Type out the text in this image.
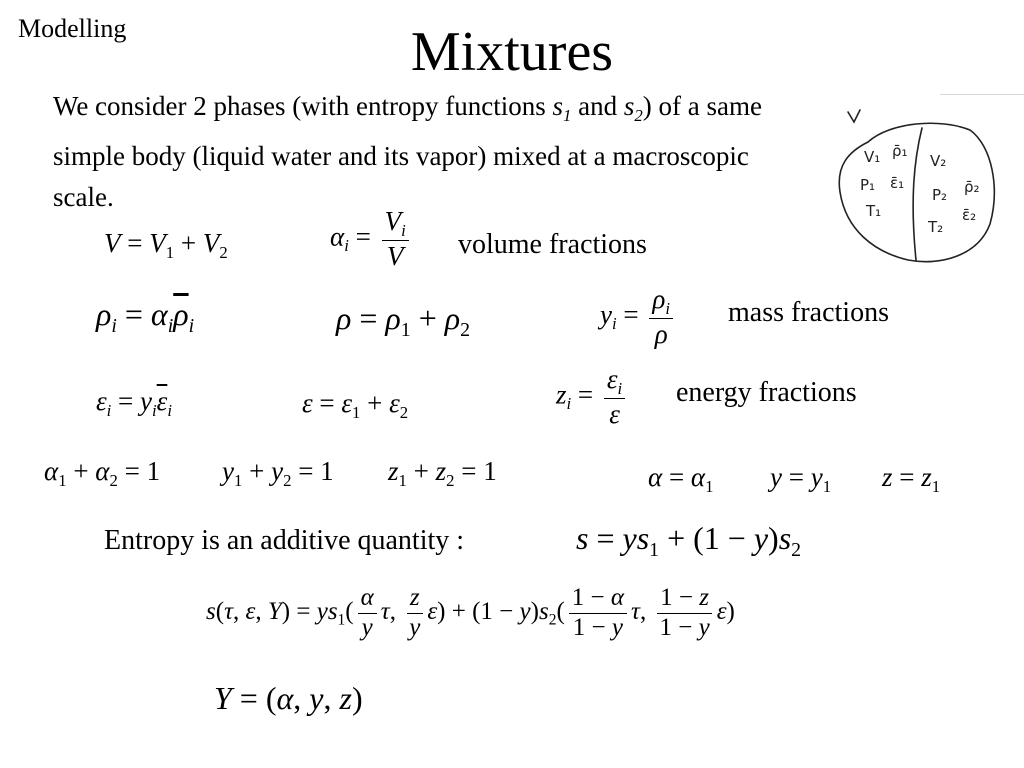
Modelling	Mixtures
We consider 2 phases (with entropy functions $s_1$ and $s_2$) of a same simple body (liquid water and its vapor) mixed at a macroscopic scale.
V₁ ρ̄₁
P₁ ε̄₁
T₁
V₂
P₂ ρ̄₂
T₂
ε̄₂
$V = V_1 + V_2$
$\alpha_i = \frac{V_i}{V}$ volume fractions
$\rho_i = \alpha_i\overline{\rho}_i$	$\rho = \rho_1 + \rho_2$
$y_i = \frac{\rho_i}{\rho}$ mass fractions
$\varepsilon_i = y_i\overline{\varepsilon}_i$	$\varepsilon = \varepsilon_1 + \varepsilon_2$
$z_i = \frac{\varepsilon_i}{\varepsilon}$ energy fractions
$\alpha_1 + \alpha_2 = 1$ $y_1 + y_2 = 1$ $z_1 + z_2 = 1$	$\alpha = \alpha_1$ $y = y_1$ $z = z_1$
Entropy is an additive quantity :	$s = ys_1 + (1 - y)s_2$
s(τ, ε, $Y) = ys_1( \frac{\alpha}{y} \tau$, $\frac{z}{y} \varepsilon) + (1 - y)s_2( \frac{1 - \alpha}{1 - y} \tau$, $\frac{1 - z}{1 - y} \varepsilon$)
Y = (α, y, z)
